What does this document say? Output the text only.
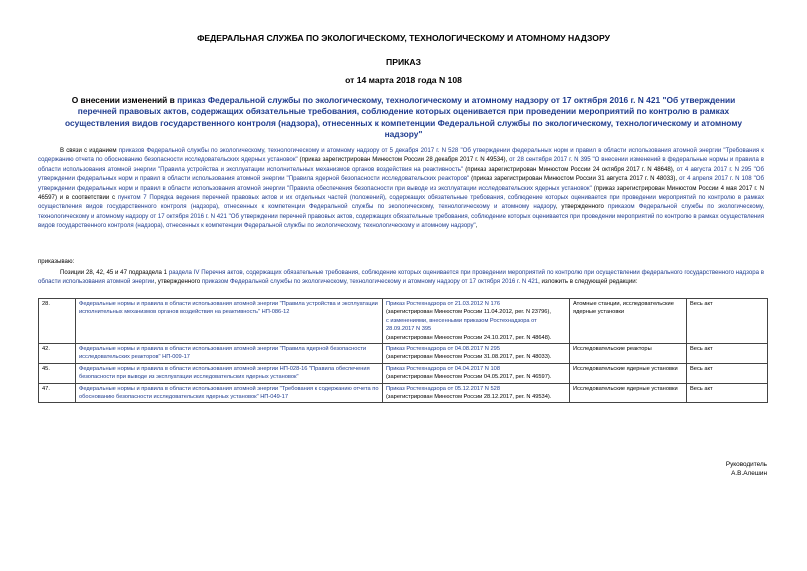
ФЕДЕРАЛЬНАЯ СЛУЖБА ПО ЭКОЛОГИЧЕСКОМУ, ТЕХНОЛОГИЧЕСКОМУ И АТОМНОМУ НАДЗОРУ
ПРИКАЗ
от 14 марта 2018 года N 108
О внесении изменений в приказ Федеральной службы по экологическому, технологическому и атомному надзору от 17 октября 2016 г. N 421 "Об утверждении перечней правовых актов, содержащих обязательные требования, соблюдение которых оценивается при проведении мероприятий по контролю в рамках осуществления видов государственного контроля (надзора), отнесенных к компетенции Федеральной службы по экологическому, технологическому и атомному надзору"
В связи с изданием приказов Федеральной службы по экологическому, технологическому и атомному надзору от 5 декабря 2017 г. N 528 "Об утверждении федеральных норм и правил в области использования атомной энергии "Требования к содержанию отчета по обоснованию безопасности исследовательских ядерных установок" (приказ зарегистрирован Минюстом России 28 декабря 2017 г. N 49534), от 28 сентября 2017 г. N 395 "О внесении изменений в федеральные нормы и правила в области использования атомной энергии "Правила устройства и эксплуатации исполнительных механизмов органов воздействия на реактивность" (приказ зарегистрирован Минюстом России 24 октября 2017 г. N 48648), от 4 августа 2017 г. N 295 "Об утверждении федеральных норм и правил в области использования атомной энергии "Правила ядерной безопасности исследовательских реакторов" (приказ зарегистрирован Минюстом России 31 августа 2017 г. N 48033), от 4 апреля 2017 г. N 108 "Об утверждении федеральных норм и правил в области использования атомной энергии "Правила обеспечения безопасности при выводе из эксплуатации исследовательских ядерных установок" (приказ зарегистрирован Минюстом России 4 мая 2017 г. N 46597) и в соответствии с пунктом 7 Порядка ведения перечней правовых актов и их отдельных частей (положений), содержащих обязательные требования, соблюдение которых оценивается при проведении мероприятий по контролю в рамках осуществления видов государственного контроля (надзора), отнесенных к компетенции Федеральной службы по экологическому, технологическому и атомному надзору, утвержденного приказом Федеральной службы по экологическому, технологическому и атомному надзору от 17 октября 2016 г. N 421 "Об утверждении перечней правовых актов, содержащих обязательные требования, соблюдение которых оценивается при проведении мероприятий по контролю в рамках осуществления видов государственного контроля (надзора), отнесенных к компетенции Федеральной службы по экологическому, технологическому и атомному надзору",
приказываю:
Позиции 28, 42, 45 и 47 подраздела 1 раздела IV Перечня актов, содержащих обязательные требования, соблюдение которых оценивается при проведении мероприятий по контролю при осуществлении федерального государственного надзора в области использования атомной энергии, утвержденного приказом Федеральной службы по экологическому, технологическому и атомному надзору от 17 октября 2016 г. N 421, изложить в следующей редакции:
28.	Федеральные нормы и правила в области использования атомной энергии "Правила устройства и эксплуатации исполнительных механизмов органов воздействия на реактивность" НП-086-12	Приказ Ростехнадзора от 21.03.2012 N 176
(зарегистрирован Минюстом России 11.04.2012, рег. N 23796),
с изменениями, внесенными приказом Ростехнадзора от 28.09.2017 N 395
(зарегистрирован Минюстом России 24.10.2017, рег. N 48648).	Атомные станции, исследовательские ядерные установки	Весь акт
42.	Федеральные нормы и правила в области использования атомной энергии "Правила ядерной безопасности исследовательских реакторов" НП-009-17	Приказ Ростехнадзора от 04.08.2017 N 295
(зарегистрирован Минюстом России 31.08.2017, рег. N 48033).	Исследовательские реакторы	Весь акт
45.	Федеральные нормы и правила в области использования атомной энергии НП-028-16 "Правила обеспечения безопасности при выводе из эксплуатации исследовательских ядерных установок"	Приказ Ростехнадзора от 04.04.2017 N 108
(зарегистрирован Минюстом России 04.05.2017, рег. N 46597).	Исследовательские ядерные установки	Весь акт
47.	Федеральные нормы и правила в области использования атомной энергии "Требования к содержанию отчета по обоснованию безопасности исследовательских ядерных установок" НП-049-17	Приказ Ростехнадзора от 05.12.2017 N 528
(зарегистрирован Минюстом России 28.12.2017, рег. N 49534).	Исследовательские ядерные установки	Весь акт
Руководитель
А.В.Алешин
